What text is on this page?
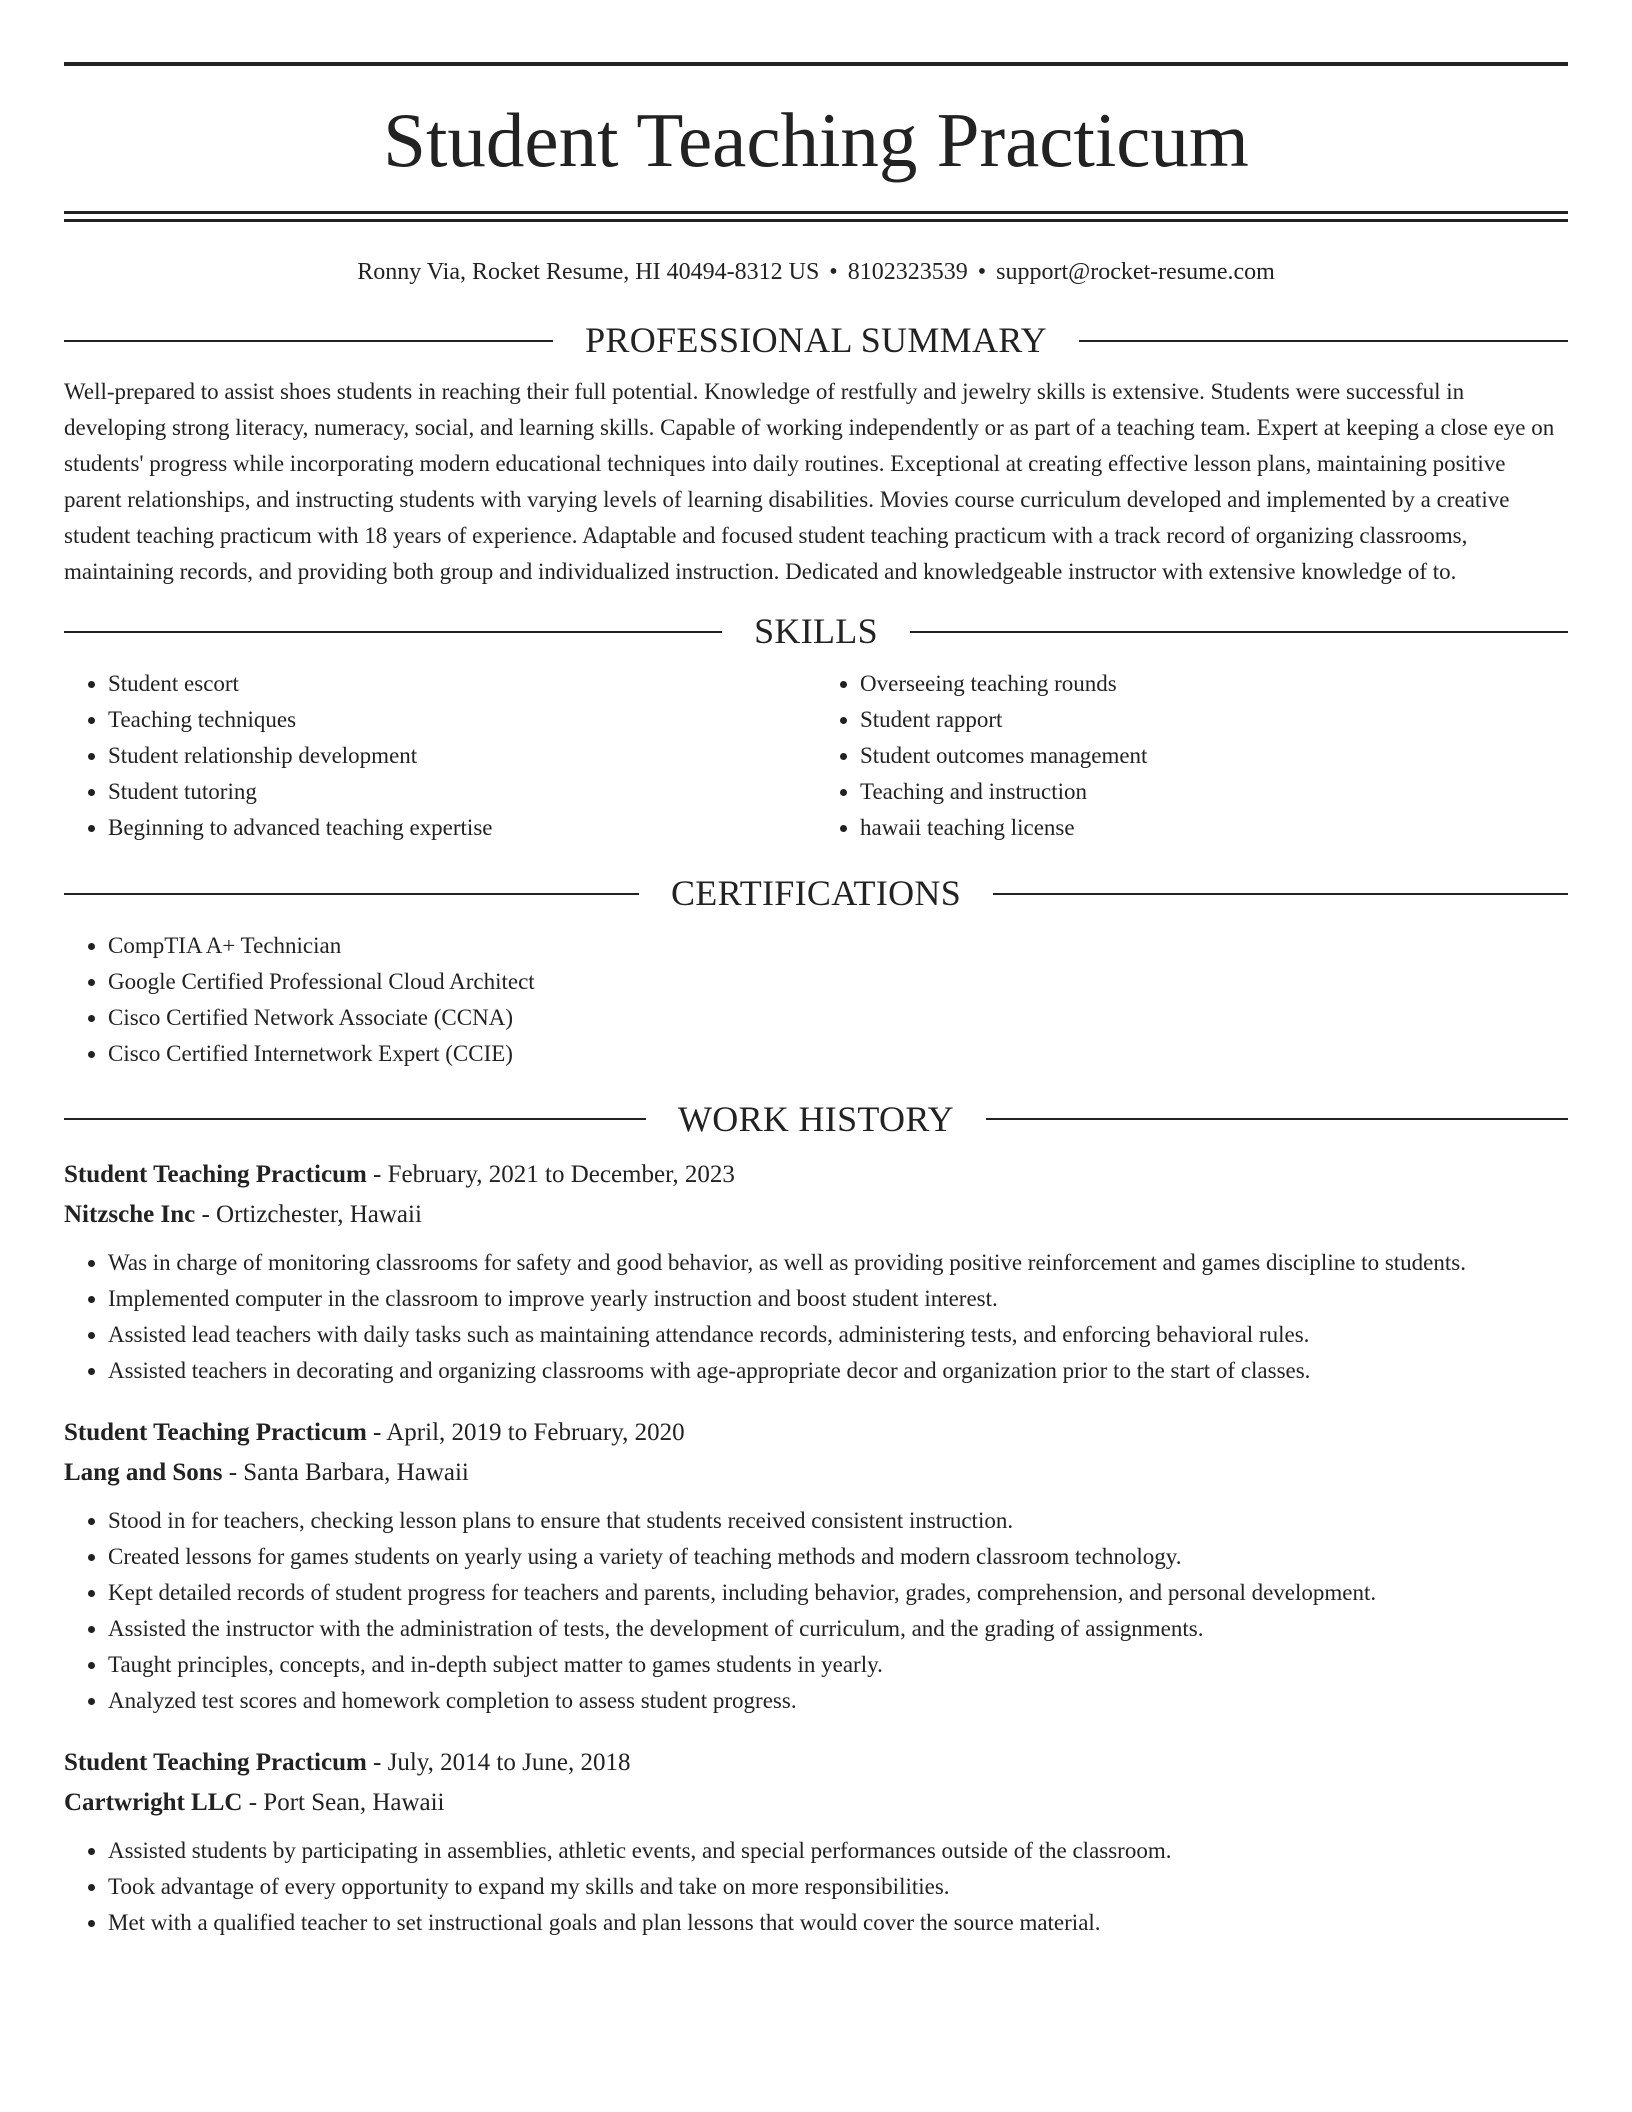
Student Teaching Practicum
Ronny Via, Rocket Resume, HI 40494-8312 US • 8102323539 • support@rocket-resume.com
PROFESSIONAL SUMMARY

Well-prepared to assist shoes students in reaching their full potential. Knowledge of restfully and jewelry skills is extensive. Students were successful in developing strong literacy, numeracy, social, and learning skills. Capable of working independently or as part of a teaching team. Expert at keeping a close eye on students' progress while incorporating modern educational techniques into daily routines. Exceptional at creating effective lesson plans, maintaining positive parent relationships, and instructing students with varying levels of learning disabilities. Movies course curriculum developed and implemented by a creative student teaching practicum with 18 years of experience. Adaptable and focused student teaching practicum with a track record of organizing classrooms, maintaining records, and providing both group and individualized instruction. Dedicated and knowledgeable instructor with extensive knowledge of to.

SKILLS
• Student escort
• Teaching techniques
• Student relationship development
• Student tutoring
• Beginning to advanced teaching expertise
• Overseeing teaching rounds
• Student rapport
• Student outcomes management
• Teaching and instruction
• hawaii teaching license
CERTIFICATIONS
• CompTIA A+ Technician
• Google Certified Professional Cloud Architect
• Cisco Certified Network Associate (CCNA)
• Cisco Certified Internetwork Expert (CCIE)
WORK HISTORY
Student Teaching Practicum - February, 2021 to December, 2023
Nitzsche Inc - Ortizchester, Hawaii
• Was in charge of monitoring classrooms for safety and good behavior, as well as providing positive reinforcement and games discipline to students.
• Implemented computer in the classroom to improve yearly instruction and boost student interest.
• Assisted lead teachers with daily tasks such as maintaining attendance records, administering tests, and enforcing behavioral rules.
• Assisted teachers in decorating and organizing classrooms with age-appropriate decor and organization prior to the start of classes.
Student Teaching Practicum - April, 2019 to February, 2020
Lang and Sons - Santa Barbara, Hawaii
• Stood in for teachers, checking lesson plans to ensure that students received consistent instruction.
• Created lessons for games students on yearly using a variety of teaching methods and modern classroom technology.
• Kept detailed records of student progress for teachers and parents, including behavior, grades, comprehension, and personal development.
• Assisted the instructor with the administration of tests, the development of curriculum, and the grading of assignments.
• Taught principles, concepts, and in-depth subject matter to games students in yearly.
• Analyzed test scores and homework completion to assess student progress.
Student Teaching Practicum - July, 2014 to June, 2018
Cartwright LLC - Port Sean, Hawaii
• Assisted students by participating in assemblies, athletic events, and special performances outside of the classroom.
• Took advantage of every opportunity to expand my skills and take on more responsibilities.
• Met with a qualified teacher to set instructional goals and plan lessons that would cover the source material.
